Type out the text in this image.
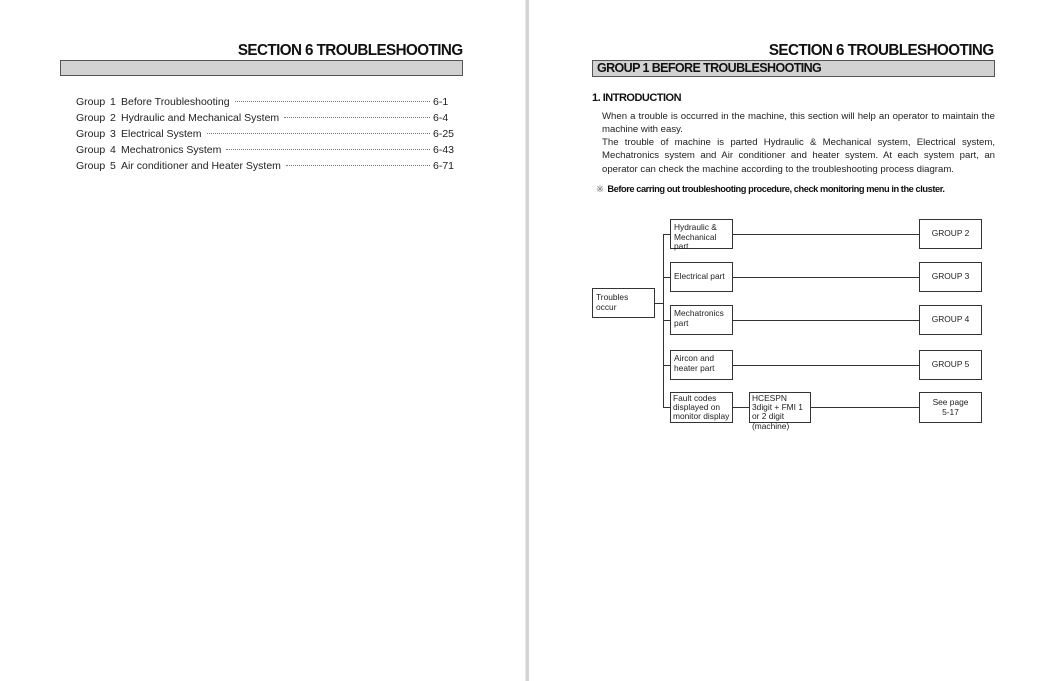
SECTION 6 TROUBLESHOOTING
Group 1 Before Troubleshooting	6-1
Group 2 Hydraulic and Mechanical System	6-4
Group 3 Electrical System	6-25
Group 4 Mechatronics System	6-43
Group 5 Air conditioner and Heater System	6-71
SECTION 6 TROUBLESHOOTING
GROUP 1 BEFORE TROUBLESHOOTING
1. INTRODUCTION
When a trouble is occurred in the machine, this section will help an operator to maintain the machine with easy.
The trouble of machine is parted Hydraulic & Mechanical system, Electrical system, Mechatronics system and Air conditioner and heater system. At each system part, an operator can check the machine according to the troubleshooting process diagram.
※ Before carring out troubleshooting procedure, check monitoring menu in the cluster.
Troubles occur
Hydraulic & Mechanical part
Electrical part
Mechatronics part
Aircon and heater part
Fault codes displayed on monitor display
HCESPN 3digit + FMI 1 or 2 digit (machine)
GROUP 2
GROUP 3
GROUP 4
GROUP 5
See page 5-17
